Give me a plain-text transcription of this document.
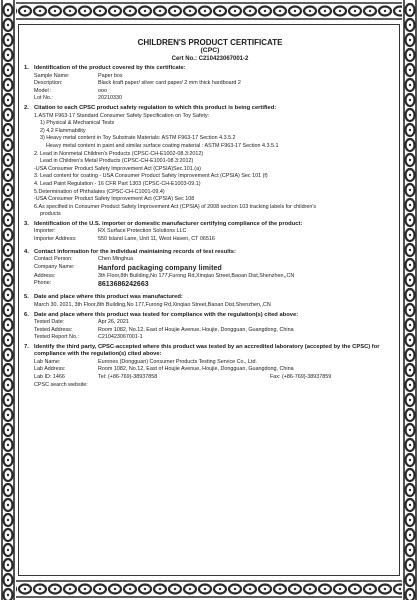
CHILDREN'S PRODUCT CERTIFICATE
(CPC)
Cert No.: C210423067001-2
1. Identification of the product covered by this certificate:
Sample Name:	Paper box
Description:	Black kraft paper/ silver card paper/ 2 mm thick hardboard 2
Model :	ooo
Lot No.:	20210330
2. Citation to each CPSC product safety regulation to which this product is being certified:
1.ASTM F963-17 Standard Consumer Safety Specification on Toy Safety:
1) Physical & Mechanical Tests
2) 4.2 Flammability
3) Heavy metal content in Toy Substrate Materials: ASTM F963-17 Section 4.3.5.2
Heavy metal content in paint and similar surface coating material : ASTM F963-17 Section 4.3.5.1
2. Lead in Nonmetal Children's Products (CPSC-CH-E1002-08.3:2012)
Lead in Children's Metal Products (CPSC-CH-E1001-08.3:2012)
-USA Consumer Product Safety Improvement Act (CPSIA)Sec.101.(a)
3. Lead content for coating - USA Consumer Product Safety Improvement Act (CPSIA) Sec 101 (f)
4. Lead Paint Regulation - 16 CFR Part 1303 (CPSC-CH-E1003-09.1)
5.Determination of Phthalates (CPSC-CH-C1001-09.4)
-USA Consumer Product Safety Improvement Act (CPSIA) Sec 108
6.As specified in Consumer Product Safety Improvement Act (CPSIA) of 2008 section 103 tracking labels for children's
products
3. Identification of the U.S. importer or domestic manufacturer certifying compliance of the product:
Importer:	RX Surface Protection Solutions LLC
Importer Address:	550 Island Lane, Unit 11, West Haven, CT 06516
4. Contact information for the individual maintaining records of test results:
Contact Person:	Chen Minghua
Company Name:	Hanford packaging company limited
Address:	3th Floor,8th Building,No 177,Furong Rd,Xinqiao Street,Baoan Dist,Shenzhen,,CN
Phone:	8613686242663
5. Date and place where this product was manufactured:
March 30, 2021, 3th Floor,8th Building,No 177,Furong Rd,Xinqiao Street,Baoan Dist,Shenzhen,,CN
6. Date and place where this product was tested for compliance with the regulation(s) cited above:
Tested Date:	Apr 26, 2021
Tested Address:	Room 1082, No.12, East of Houjie Avenue, Houjie, Dongguan, Guangdong, China
Tested Report No.:	C210423067001-1
7. Identify the third party, CPSC-accepted where this product was tested by an accredited laboratory (accepted by the CPSC) for compliance with the regulation(s) cited above:
Lab Name:	Eurones (Dongguan) Consumer Products Testing Service Co., Ltd.
Lab Address:	Room 1082, No.12, East of Houjie Avenue, Houjie, Dongguan, Guangdong, China
Lab ID: 1466	Tel: (+86-769)-38937858	Fax: (+86-769)-38937859
CPSC search website:
